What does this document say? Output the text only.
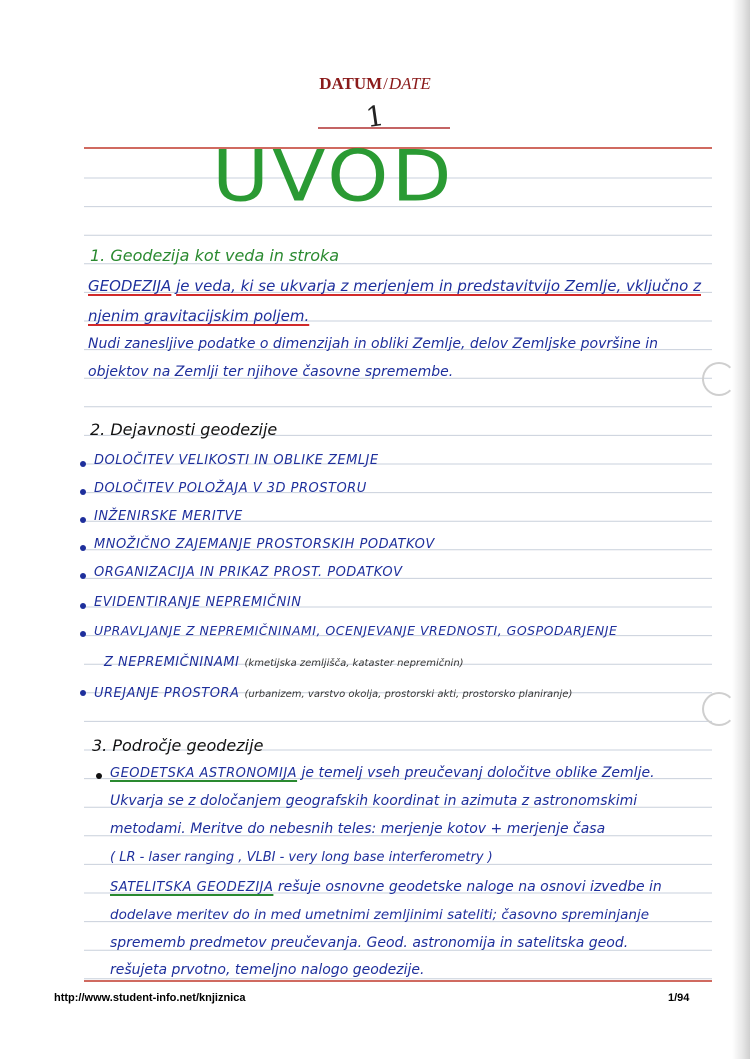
DATUM/DATE
1
UVOD
1. Geodezija kot veda in stroka
GEODEZIJA je veda, ki se ukvarja z merjenjem in predstavitvijo Zemlje, vključno z
njenim gravitacijskim poljem.
Nudi zanesljive podatke o dimenzijah in obliki Zemlje, delov Zemljske površine in
objektov na Zemlji ter njihove časovne spremembe.
2. Dejavnosti geodezije
DOLOČITEV VELIKOSTI IN OBLIKE ZEMLJE
DOLOČITEV POLOŽAJA V 3D PROSTORU
INŽENIRSKE MERITVE
MNOŽIČNO ZAJEMANJE PROSTORSKIH PODATKOV
ORGANIZACIJA IN PRIKAZ PROST. PODATKOV
EVIDENTIRANJE NEPREMIČNIN
UPRAVLJANJE Z NEPREMIČNINAMI, OCENJEVANJE VREDNOSTI, GOSPODARJENJE
Z NEPREMIČNINAMI (kmetijska zemljišča, kataster nepremičnin)
UREJANJE PROSTORA (urbanizem, varstvo okolja, prostorski akti, prostorsko planiranje)
3. Področje geodezije
GEODETSKA ASTRONOMIJA je temelj vseh preučevanj določitve oblike Zemlje.
Ukvarja se z določanjem geografskih koordinat in azimuta z astronomskimi
metodami. Meritve do nebesnih teles: merjenje kotov + merjenje časa
( LR - laser ranging , VLBI - very long base interferometry )
SATELITSKA GEODEZIJA rešuje osnovne geodetske naloge na osnovi izvedbe in
dodelave meritev do in med umetnimi zemljinimi sateliti; časovno spreminjanje
sprememb predmetov preučevanja. Geod. astronomija in satelitska geod.
rešujeta prvotno, temeljno nalogo geodezije.
http://www.student-info.net/knjiznica	1/94
